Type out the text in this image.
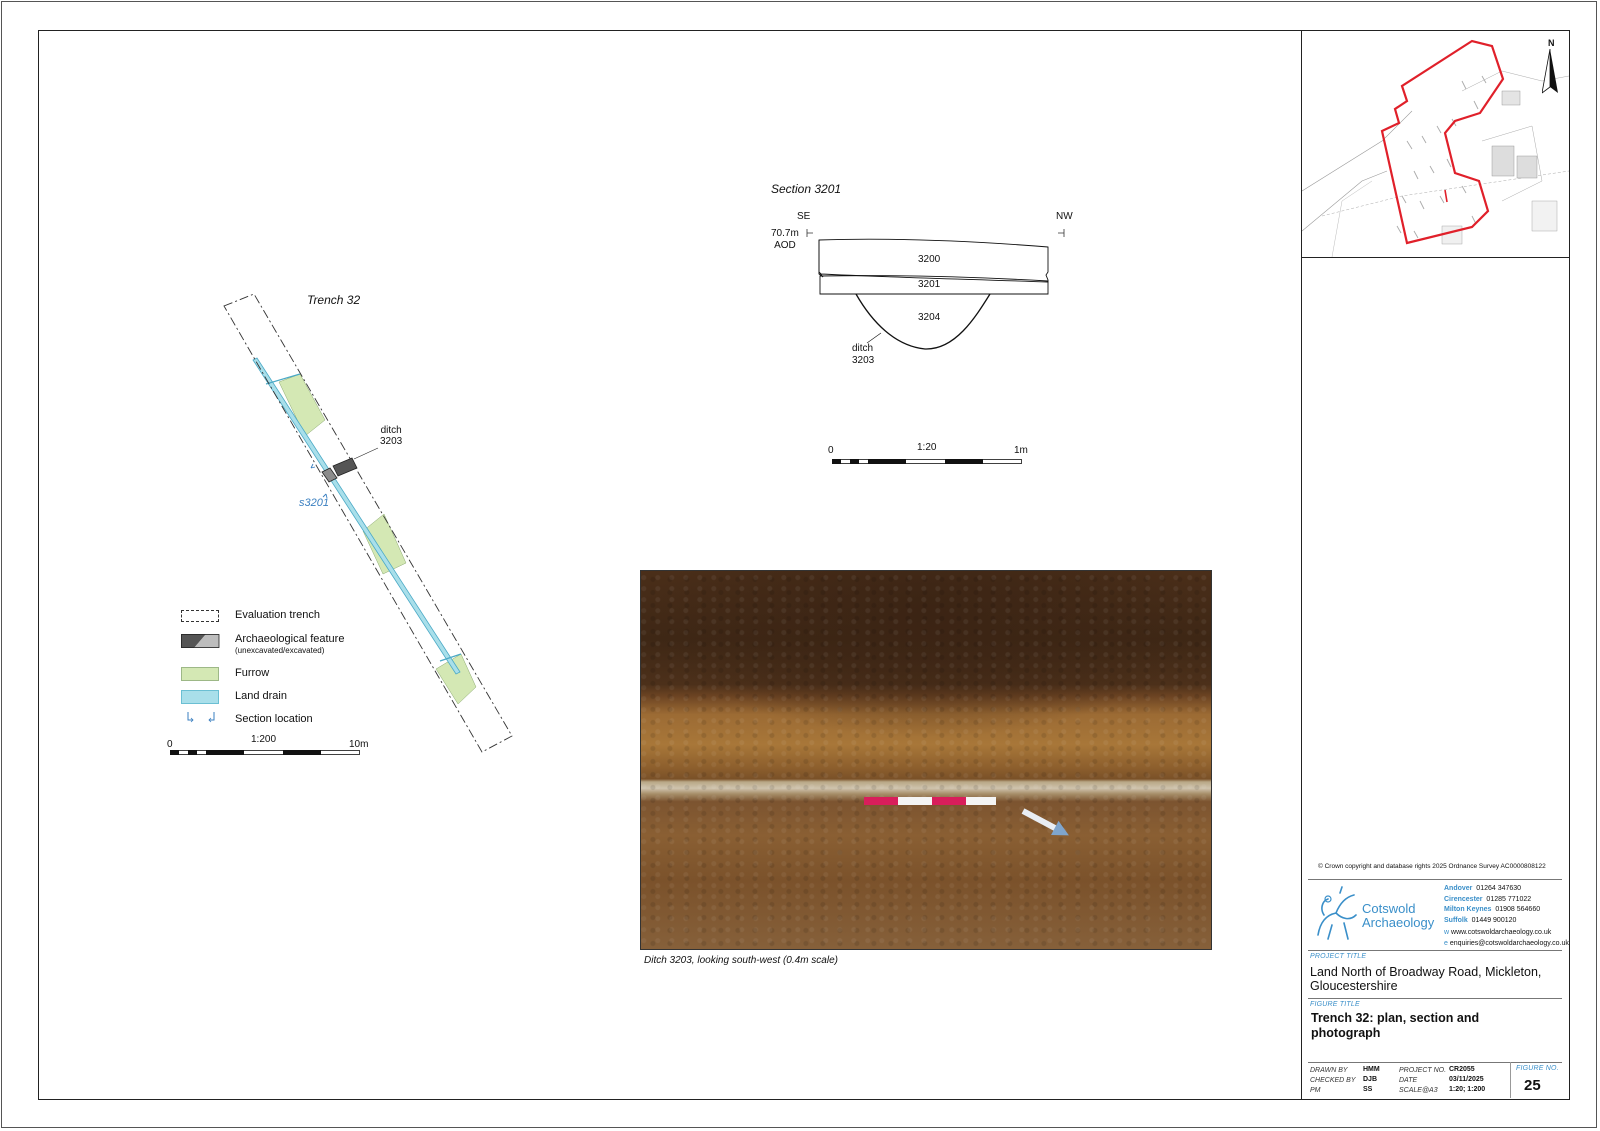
Trench 32
ditch
3203
s3201
Evaluation trench
Archaeological feature
(unexcavated/excavated)
Furrow
Land drain
Section location
0	1:200	10m
Section 3201
SE	NW
70.7m
AOD
3200
3201
3204
ditch
3203
0	1:20	1m
Ditch 3203, looking south-west (0.4m scale)
N
© Crown copyright and database rights 2025 Ordnance Survey AC0000808122
Cotswold
Archaeology
Andover 01264 347630
Cirencester 01285 771022
Milton Keynes 01908 564660
Suffolk 01449 900120
w www.cotswoldarchaeology.co.uk
e enquiries@cotswoldarchaeology.co.uk
PROJECT TITLE
Land North of Broadway Road, Mickleton,
Gloucestershire
FIGURE TITLE
Trench 32: plan, section and
photograph
DRAWN BY HMM
CHECKED BY DJB
PM	SS
PROJECT NO. CR2055
DATE	03/11/2025
SCALE@A3 1:20; 1:200
FIGURE NO.
25
